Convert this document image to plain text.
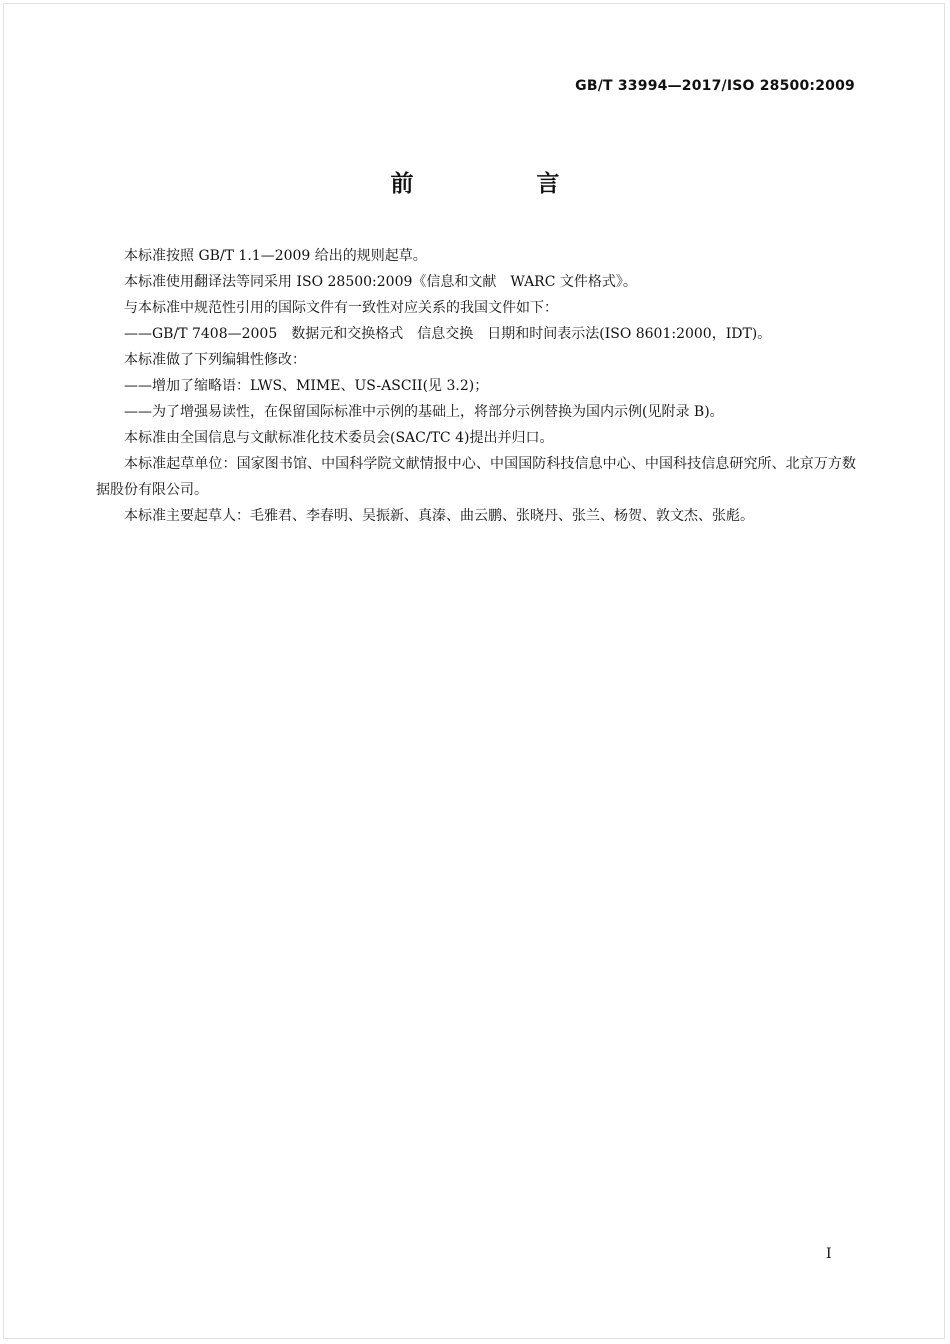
GB/T 33994—2017/ISO 28500:2009
前　言

本标准按照 GB/T 1.1—2009 给出的规则起草。

本标准使用翻译法等同采用 ISO 28500:2009《信息和文献　WARC 文件格式》。

与本标准中规范性引用的国际文件有一致性对应关系的我国文件如下：

——GB/T 7408—2005　数据元和交换格式　信息交换　日期和时间表示法(ISO 8601:2000，IDT)。

本标准做了下列编辑性修改：

——增加了缩略语：LWS、MIME、US-ASCII(见 3.2)；

——为了增强易读性，在保留国际标准中示例的基础上，将部分示例替换为国内示例(见附录 B)。

本标准由全国信息与文献标准化技术委员会(SAC/TC 4)提出并归口。

本标准起草单位：国家图书馆、中国科学院文献情报中心、中国国防科技信息中心、中国科技信息研究所、北京万方数据股份有限公司。

本标准主要起草人：毛雅君、李春明、吴振新、真溱、曲云鹏、张晓丹、张兰、杨贺、敦文杰、张彪。

I
